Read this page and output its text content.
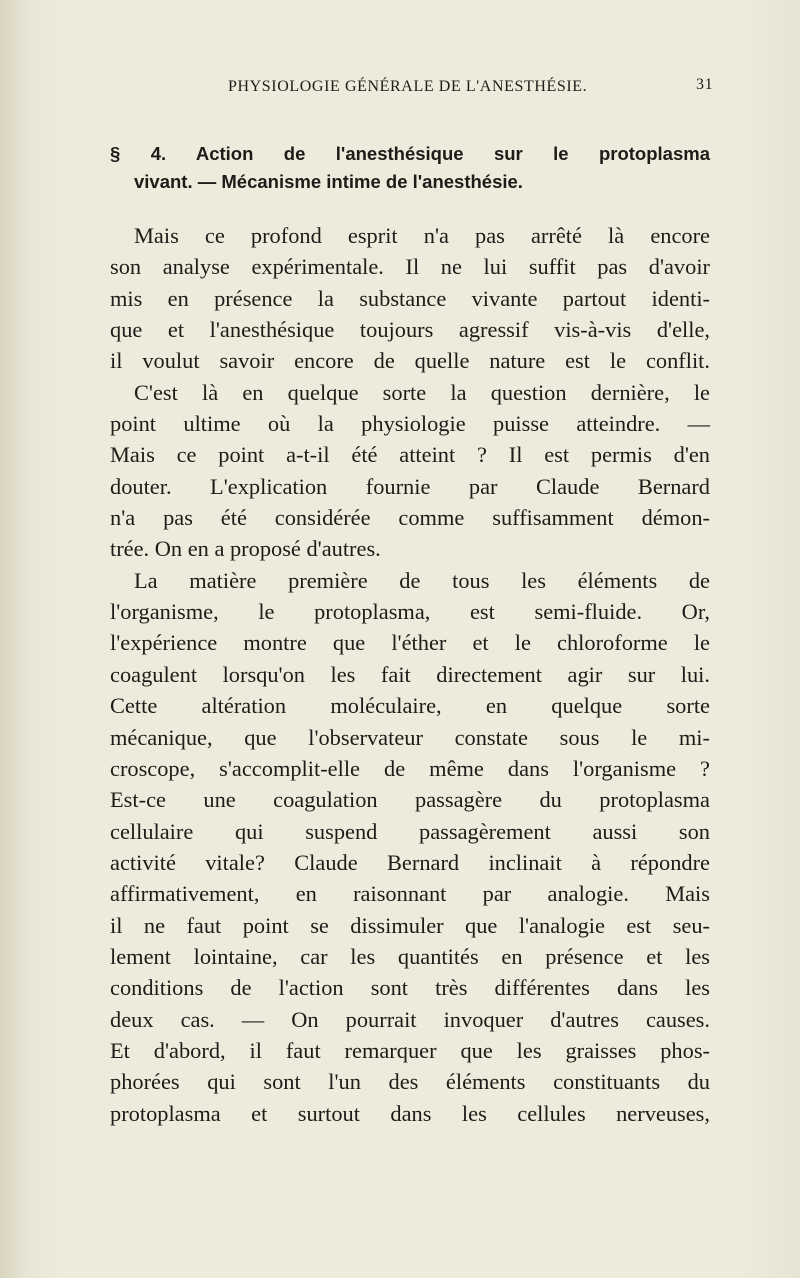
PHYSIOLOGIE GÉNÉRALE DE L'ANESTHÉSIE.	31
§ 4. Action de l'anesthésique sur le protoplasma
vivant. — Mécanisme intime de l'anesthésie.
Mais ce profond esprit n'a pas arrêté là encore
son analyse expérimentale. Il ne lui suffit pas d'avoir
mis en présence la substance vivante partout identi-
que et l'anesthésique toujours agressif vis-à-vis d'elle,
il voulut savoir encore de quelle nature est le conflit.
C'est là en quelque sorte la question dernière, le
point ultime où la physiologie puisse atteindre. —
Mais ce point a-t-il été atteint ? Il est permis d'en
douter. L'explication fournie par Claude Bernard
n'a pas été considérée comme suffisamment démon-
trée. On en a proposé d'autres.
La matière première de tous les éléments de
l'organisme, le protoplasma, est semi-fluide. Or,
l'expérience montre que l'éther et le chloroforme le
coagulent lorsqu'on les fait directement agir sur lui.
Cette altération moléculaire, en quelque sorte
mécanique, que l'observateur constate sous le mi-
croscope, s'accomplit-elle de même dans l'organisme ?
Est-ce une coagulation passagère du protoplasma
cellulaire qui suspend passagèrement aussi son
activité vitale? Claude Bernard inclinait à répondre
affirmativement, en raisonnant par analogie. Mais
il ne faut point se dissimuler que l'analogie est seu-
lement lointaine, car les quantités en présence et les
conditions de l'action sont très différentes dans les
deux cas. — On pourrait invoquer d'autres causes.
Et d'abord, il faut remarquer que les graisses phos-
phorées qui sont l'un des éléments constituants du
protoplasma et surtout dans les cellules nerveuses,
